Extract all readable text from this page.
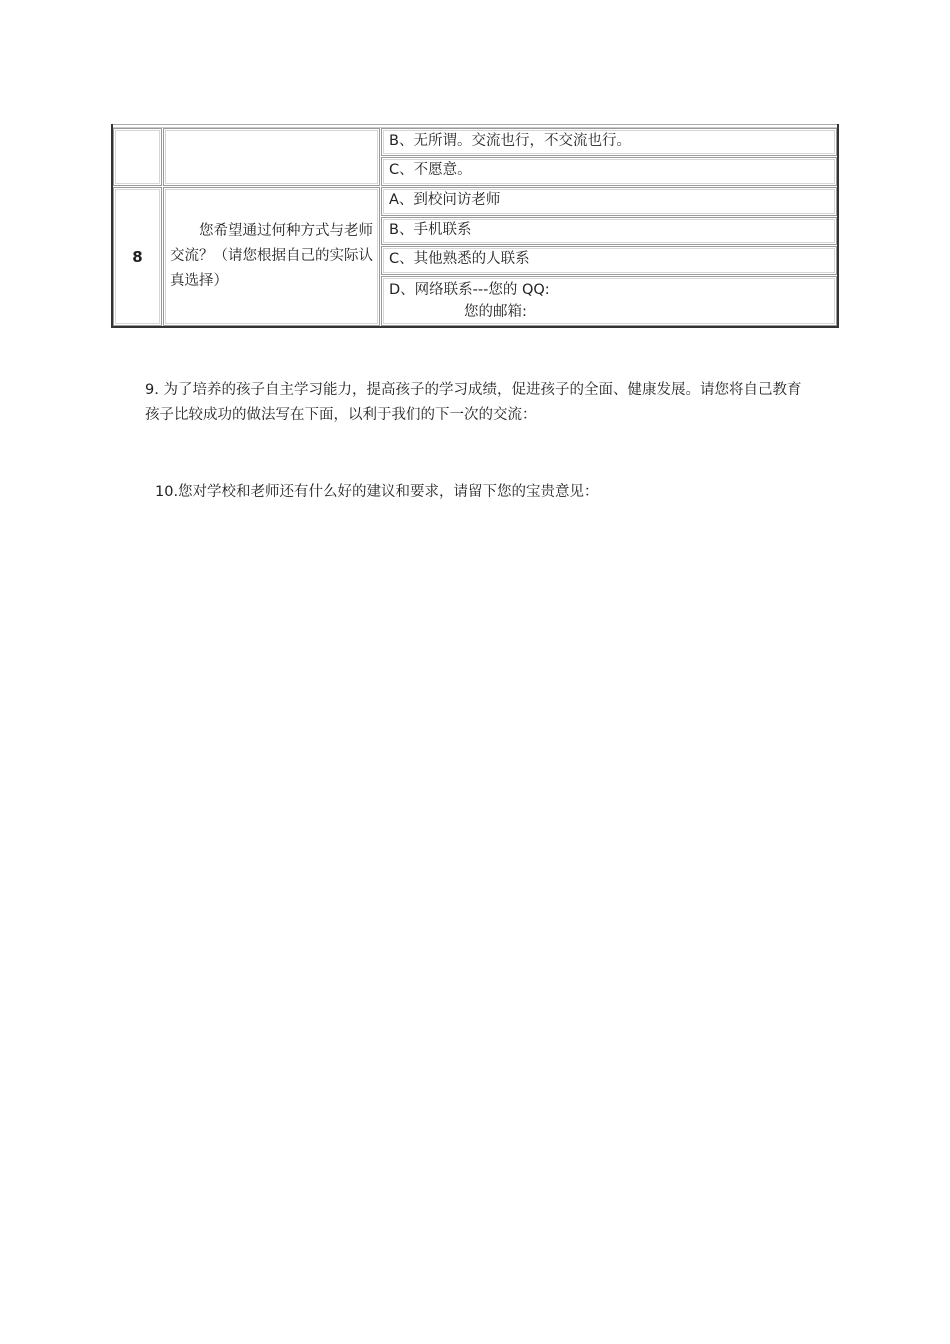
B、无所谓。交流也行，不交流也行。
C、不愿意。
8
您希望通过何种方式与老师交流？（请您根据自己的实际认真选择）
A、到校问访老师
B、手机联系
C、其他熟悉的人联系
D、网络联系---您的 QQ:
您的邮箱:
9. 为了培养的孩子自主学习能力，提高孩子的学习成绩，促进孩子的全面、健康发展。请您将自己教育孩子比较成功的做法写在下面，以利于我们的下一次的交流：
10.您对学校和老师还有什么好的建议和要求，请留下您的宝贵意见：
